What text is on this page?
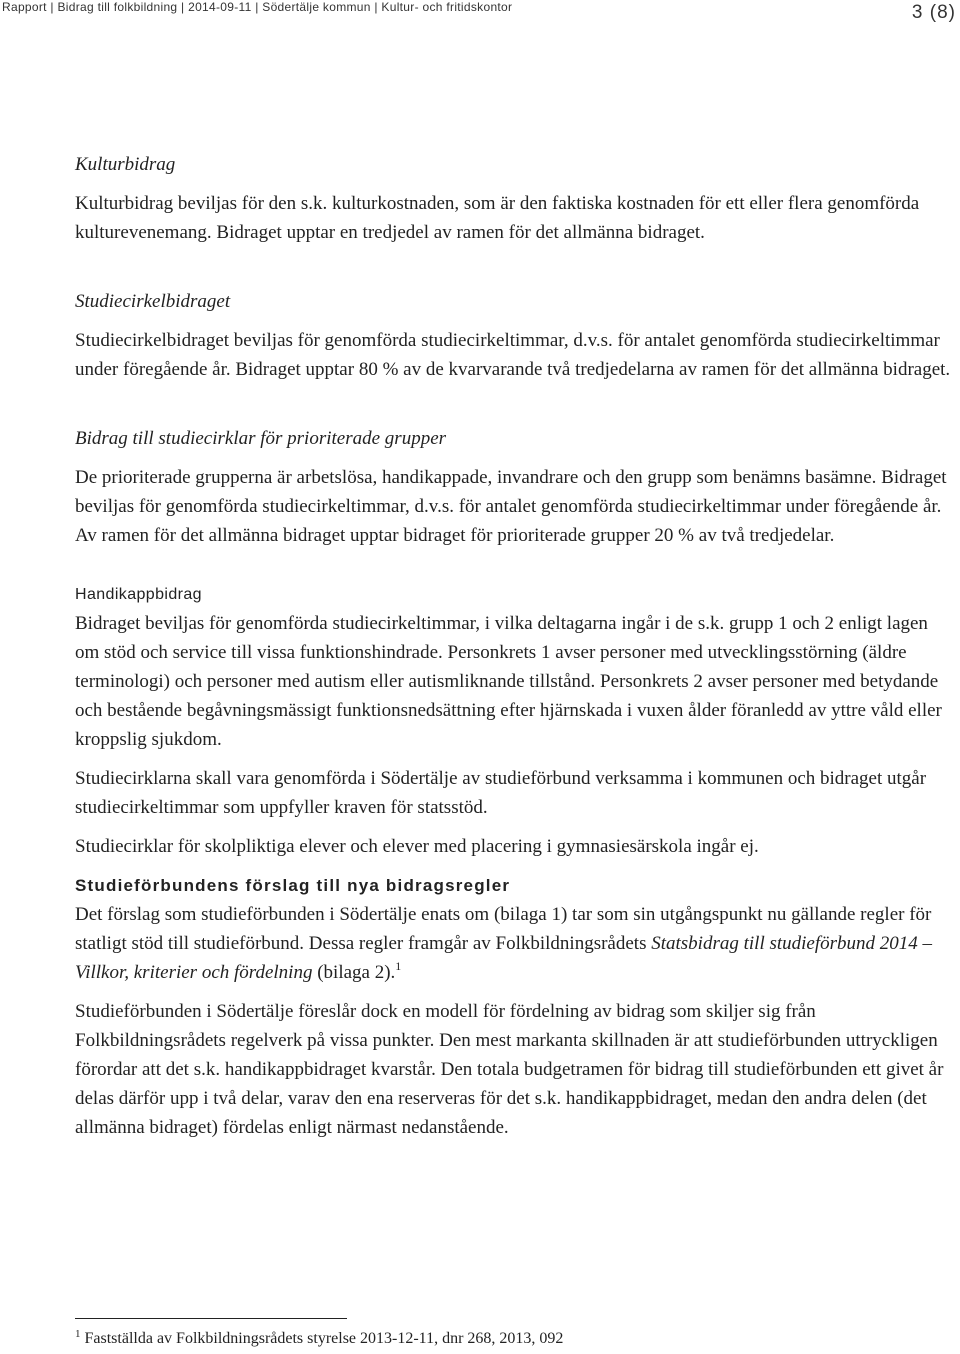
Rapport | Bidrag till folkbildning | 2014-09-11 | Södertälje kommun | Kultur- och fritidskontor	3 (8)

Kulturbidrag

Kulturbidrag beviljas för den s.k. kulturkostnaden, som är den faktiska kostnaden för ett eller flera genomförda kulturevenemang. Bidraget upptar en tredjedel av ramen för det allmänna bidraget.

Studiecirkelbidraget

Studiecirkelbidraget beviljas för genomförda studiecirkeltimmar, d.v.s. för antalet genomförda studiecirkeltimmar under föregående år. Bidraget upptar 80 % av de kvarvarande två tredjedelarna av ramen för det allmänna bidraget.

Bidrag till studiecirklar för prioriterade grupper

De prioriterade grupperna är arbetslösa, handikappade, invandrare och den grupp som benämns basämne. Bidraget beviljas för genomförda studiecirkeltimmar, d.v.s. för antalet genomförda studiecirkeltimmar under föregående år. Av ramen för det allmänna bidraget upptar bidraget för prioriterade grupper 20 % av två tredjedelar.

Handikappbidrag

Bidraget beviljas för genomförda studiecirkeltimmar, i vilka deltagarna ingår i de s.k. grupp 1 och 2 enligt lagen om stöd och service till vissa funktionshindrade. Personkrets 1 avser personer med utvecklingsstörning (äldre terminologi) och personer med autism eller autismliknande tillstånd. Personkrets 2 avser personer med betydande och bestående begåvningsmässigt funktionsnedsättning efter hjärnskada i vuxen ålder föranledd av yttre våld eller kroppslig sjukdom.

Studiecirklarna skall vara genomförda i Södertälje av studieförbund verksamma i kommunen och bidraget utgår studiecirkeltimmar som uppfyller kraven för statsstöd.

Studiecirklar för skolpliktiga elever och elever med placering i gymnasiesärskola ingår ej.

Studieförbundens förslag till nya bidragsregler

Det förslag som studieförbunden i Södertälje enats om (bilaga 1) tar som sin utgångspunkt nu gällande regler för statligt stöd till studieförbund. Dessa regler framgår av Folkbildningsrådets Statsbidrag till studieförbund 2014 – Villkor, kriterier och fördelning (bilaga 2).$^1$

Studieförbunden i Södertälje föreslår dock en modell för fördelning av bidrag som skiljer sig från Folkbildningsrådets regelverk på vissa punkter. Den mest markanta skillnaden är att studieförbunden uttryckligen förordar att det s.k. handikappbidraget kvarstår. Den totala budgetramen för bidrag till studieförbunden ett givet år delas därför upp i två delar, varav den ena reserveras för det s.k. handikappbidraget, medan den andra delen (det allmänna bidraget) fördelas enligt närmast nedanstående.

$^1$ Fastställda av Folkbildningsrådets styrelse 2013-12-11, dnr 268, 2013, 092
